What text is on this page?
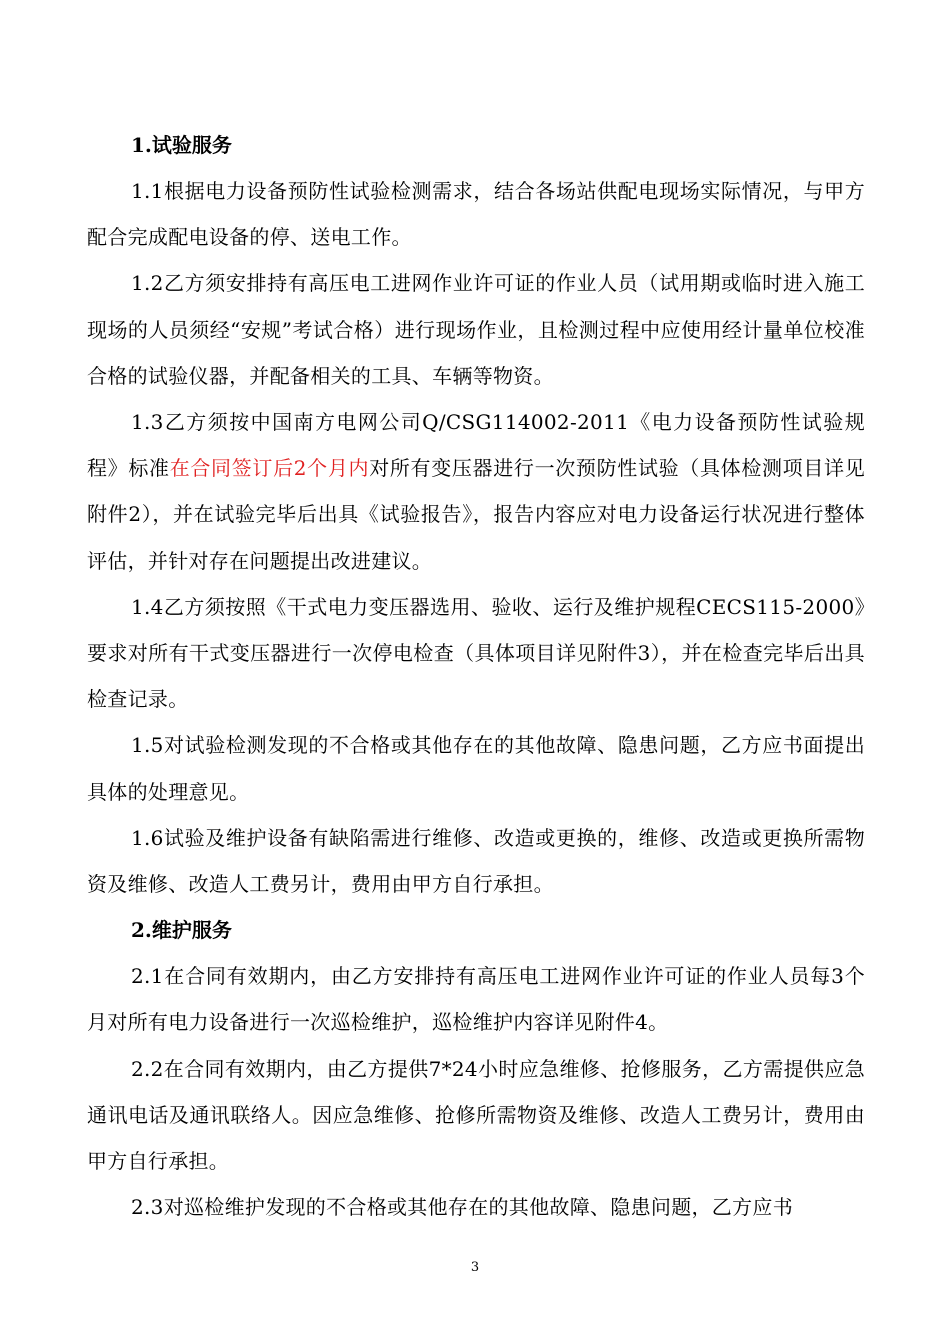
1.试验服务

1.1根据电力设备预防性试验检测需求，结合各场站供配电现场实际情况，与甲方配合完成配电设备的停、送电工作。

1.2乙方须安排持有高压电工进网作业许可证的作业人员（试用期或临时进入施工现场的人员须经“安规”考试合格）进行现场作业，且检测过程中应使用经计量单位校准合格的试验仪器，并配备相关的工具、车辆等物资。

1.3乙方须按中国南方电网公司Q/CSG114002-2011《电力设备预防性试验规程》标准在合同签订后2个月内对所有变压器进行一次预防性试验（具体检测项目详见附件2），并在试验完毕后出具《试验报告》，报告内容应对电力设备运行状况进行整体评估，并针对存在问题提出改进建议。

1.4乙方须按照《干式电力变压器选用、验收、运行及维护规程CECS115-2000》要求对所有干式变压器进行一次停电检查（具体项目详见附件3），并在检查完毕后出具检查记录。

1.5对试验检测发现的不合格或其他存在的其他故障、隐患问题，乙方应书面提出具体的处理意见。

1.6试验及维护设备有缺陷需进行维修、改造或更换的，维修、改造或更换所需物资及维修、改造人工费另计，费用由甲方自行承担。

2.维护服务

2.1在合同有效期内，由乙方安排持有高压电工进网作业许可证的作业人员每3个月对所有电力设备进行一次巡检维护，巡检维护内容详见附件4。

2.2在合同有效期内，由乙方提供7*24小时应急维修、抢修服务，乙方需提供应急通讯电话及通讯联络人。因应急维修、抢修所需物资及维修、改造人工费另计，费用由甲方自行承担。

2.3对巡检维护发现的不合格或其他存在的其他故障、隐患问题，乙方应书

3
